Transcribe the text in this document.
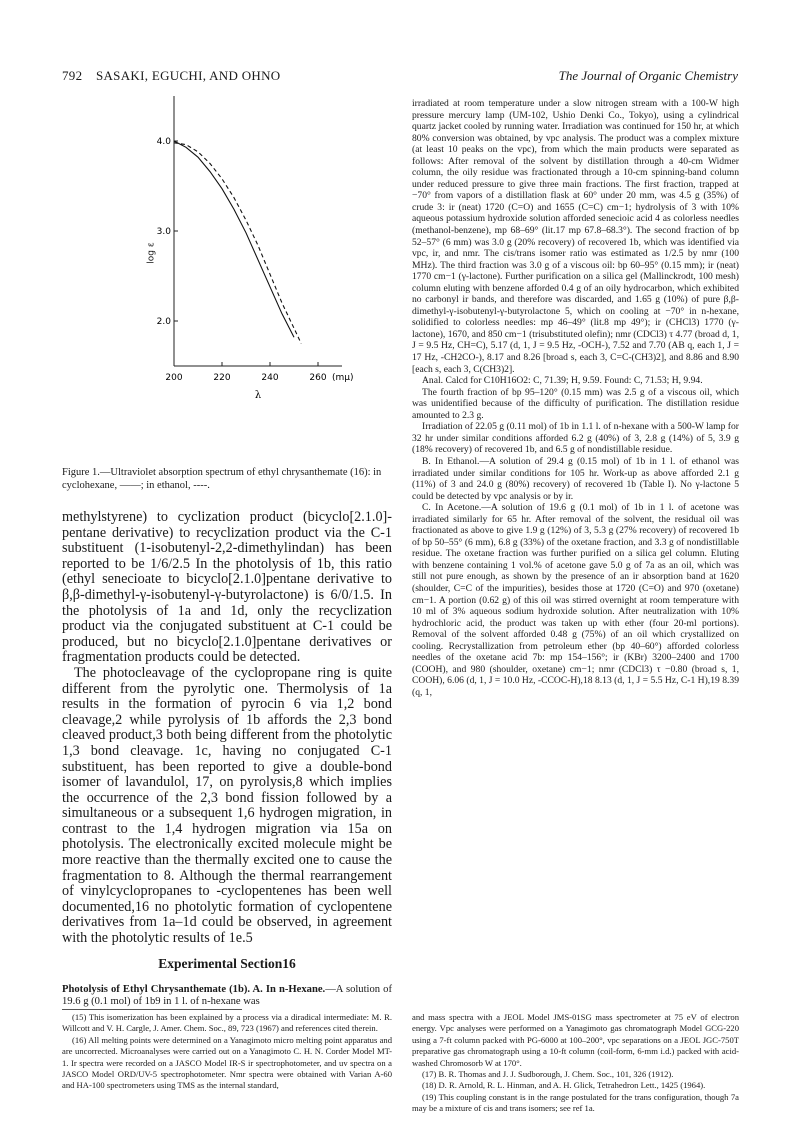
792 SASAKI, EGUCHI, AND OHNO	The Journal of Organic Chemistry
log ε
4.0
3.0
2.0
200	220	240	260 (mμ)
λ
Figure 1.—Ultraviolet absorption spectrum of ethyl chrysanthemate (16): in cyclohexane, ——; in ethanol, ----.

methylstyrene) to cyclization product (bicyclo[2.1.0]-pentane derivative) to recyclization product via the C-1 substituent (1-isobutenyl-2,2-dimethylindan) has been reported to be 1/6/2.5 In the photolysis of 1b, this ratio (ethyl senecioate to bicyclo[2.1.0]pentane derivative to β,β-dimethyl-γ-isobutenyl-γ-butyrolactone) is 6/0/1.5. In the photolysis of 1a and 1d, only the recyclization product via the conjugated substituent at C-1 could be produced, but no bicyclo[2.1.0]pentane derivatives or fragmentation products could be detected.

The photocleavage of the cyclopropane ring is quite different from the pyrolytic one. Thermolysis of 1a results in the formation of pyrocin 6 via 1,2 bond cleavage,2 while pyrolysis of 1b affords the 2,3 bond cleaved product,3 both being different from the photolytic 1,3 bond cleavage. 1c, having no conjugated C-1 substituent, has been reported to give a double-bond isomer of lavandulol, 17, on pyrolysis,8 which implies the occurrence of the 2,3 bond fission followed by a simultaneous or a subsequent 1,6 hydrogen migration, in contrast to the 1,4 hydrogen migration via 15a on photolysis. The electronically excited molecule might be more reactive than the thermally excited one to cause the fragmentation to 8. Although the thermal rearrangement of vinylcyclopropanes to -cyclopentenes has been well documented,16 no photolytic formation of cyclopentene derivatives from 1a–1d could be observed, in agreement with the photolytic results of 1e.5

Experimental Section16

Photolysis of Ethyl Chrysanthemate (1b). A. In n-Hexane.—A solution of 19.6 g (0.1 mol) of 1b9 in 1 l. of n-hexane was

(15) This isomerization has been explained by a process via a diradical intermediate: M. R. Willcott and V. H. Cargle, J. Amer. Chem. Soc., 89, 723 (1967) and references cited therein.

(16) All melting points were determined on a Yanagimoto micro melting point apparatus and are uncorrected. Microanalyses were carried out on a Yanagimoto C. H. N. Corder Model MT-1. Ir spectra were recorded on a JASCO Model IR-S ir spectrophotometer, and uv spectra on a JASCO Model ORD/UV-5 spectrophotometer. Nmr spectra were obtained with Varian A-60 and HA-100 spectrometers using TMS as the internal standard,

irradiated at room temperature under a slow nitrogen stream with a 100-W high pressure mercury lamp (UM-102, Ushio Denki Co., Tokyo), using a cylindrical quartz jacket cooled by running water. Irradiation was continued for 150 hr, at which 80% conversion was obtained, by vpc analysis. The product was a complex mixture (at least 10 peaks on the vpc), from which the main products were separated as follows: After removal of the solvent by distillation through a 40-cm Widmer column, the oily residue was fractionated through a 10-cm spinning-band column under reduced pressure to give three main fractions. The first fraction, trapped at −70° from vapors of a distillation flask at 60° under 20 mm, was 4.5 g (35%) of crude 3: ir (neat) 1720 (C=O) and 1655 (C=C) cm−1; hydrolysis of 3 with 10% aqueous potassium hydroxide solution afforded senecioic acid 4 as colorless needles (methanol-benzene), mp 68–69° (lit.17 mp 67.8–68.3°). The second fraction of bp 52–57° (6 mm) was 3.0 g (20% recovery) of recovered 1b, which was identified via vpc, ir, and nmr. The cis/trans isomer ratio was estimated as 1/2.5 by nmr (100 MHz). The third fraction was 3.0 g of a viscous oil: bp 60–95° (0.15 mm); ir (neat) 1770 cm−1 (γ-lactone). Further purification on a silica gel (Mallinckrodt, 100 mesh) column eluting with benzene afforded 0.4 g of an oily hydrocarbon, which exhibited no carbonyl ir bands, and therefore was discarded, and 1.65 g (10%) of pure β,β-dimethyl-γ-isobutenyl-γ-butyrolactone 5, which on cooling at −70° in n-hexane, solidified to colorless needles: mp 46–49° (lit.8 mp 49°); ir (CHCl3) 1770 (γ-lactone), 1670, and 850 cm−1 (trisubstituted olefin); nmr (CDCl3) τ 4.77 (broad d, 1, J = 9.5 Hz, CH=C), 5.17 (d, 1, J = 9.5 Hz, -OCH-), 7.52 and 7.70 (AB q, each 1, J = 17 Hz, -CH2CO-), 8.17 and 8.26 [broad s, each 3, C=C-(CH3)2], and 8.86 and 8.90 [each s, each 3, C(CH3)2].

Anal. Calcd for C10H16O2: C, 71.39; H, 9.59. Found: C, 71.53; H, 9.94.

The fourth fraction of bp 95–120° (0.15 mm) was 2.5 g of a viscous oil, which was unidentified because of the difficulty of purification. The distillation residue amounted to 2.3 g.

Irradiation of 22.05 g (0.11 mol) of 1b in 1.1 l. of n-hexane with a 500-W lamp for 32 hr under similar conditions afforded 6.2 g (40%) of 3, 2.8 g (14%) of 5, 3.9 g (18% recovery) of recovered 1b, and 6.5 g of nondistillable residue.

B. In Ethanol.—A solution of 29.4 g (0.15 mol) of 1b in 1 l. of ethanol was irradiated under similar conditions for 105 hr. Work-up as above afforded 2.1 g (11%) of 3 and 24.0 g (80%) recovery) of recovered 1b (Table I). No γ-lactone 5 could be detected by vpc analysis or by ir.

C. In Acetone.—A solution of 19.6 g (0.1 mol) of 1b in 1 l. of acetone was irradiated similarly for 65 hr. After removal of the solvent, the residual oil was fractionated as above to give 1.9 g (12%) of 3, 5.3 g (27% recovery) of recovered 1b of bp 50–55° (6 mm), 6.8 g (33%) of the oxetane fraction, and 3.3 g of nondistillable residue. The oxetane fraction was further purified on a silica gel column. Eluting with benzene containing 1 vol.% of acetone gave 5.0 g of 7a as an oil, which was still not pure enough, as shown by the presence of an ir absorption band at 1620 (shoulder, C=C of the impurities), besides those at 1720 (C=O) and 970 (oxetane) cm−1. A portion (0.62 g) of this oil was stirred overnight at room temperature with 10 ml of 3% aqueous sodium hydroxide solution. After neutralization with 10% hydrochloric acid, the product was taken up with ether (four 20-ml portions). Removal of the solvent afforded 0.48 g (75%) of an oil which crystallized on cooling. Recrystallization from petroleum ether (bp 40–60°) afforded colorless needles of the oxetane acid 7b: mp 154–156°; ir (KBr) 3200–2400 and 1700 (COOH), and 980 (shoulder, oxetane) cm−1; nmr (CDCl3) τ −0.80 (broad s, 1, COOH), 6.06 (d, 1, J = 10.0 Hz, -CCOC-H),18 8.13 (d, 1, J = 5.5 Hz, C-1 H),19 8.39 (q, 1,

and mass spectra with a JEOL Model JMS-01SG mass spectrometer at 75 eV of electron energy. Vpc analyses were performed on a Yanagimoto gas chromatograph Model GCG-220 using a 7-ft column packed with PG-6000 at 100–200°, vpc separations on a JEOL JGC-750T preparative gas chromatograph using a 10-ft column (coil-form, 6-mm i.d.) packed with acid-washed Chromosorb W at 170°.

(17) B. R. Thomas and J. J. Sudborough, J. Chem. Soc., 101, 326 (1912).

(18) D. R. Arnold, R. L. Hinman, and A. H. Glick, Tetrahedron Lett., 1425 (1964).

(19) This coupling constant is in the range postulated for the trans configuration, though 7a may be a mixture of cis and trans isomers; see ref 1a.
